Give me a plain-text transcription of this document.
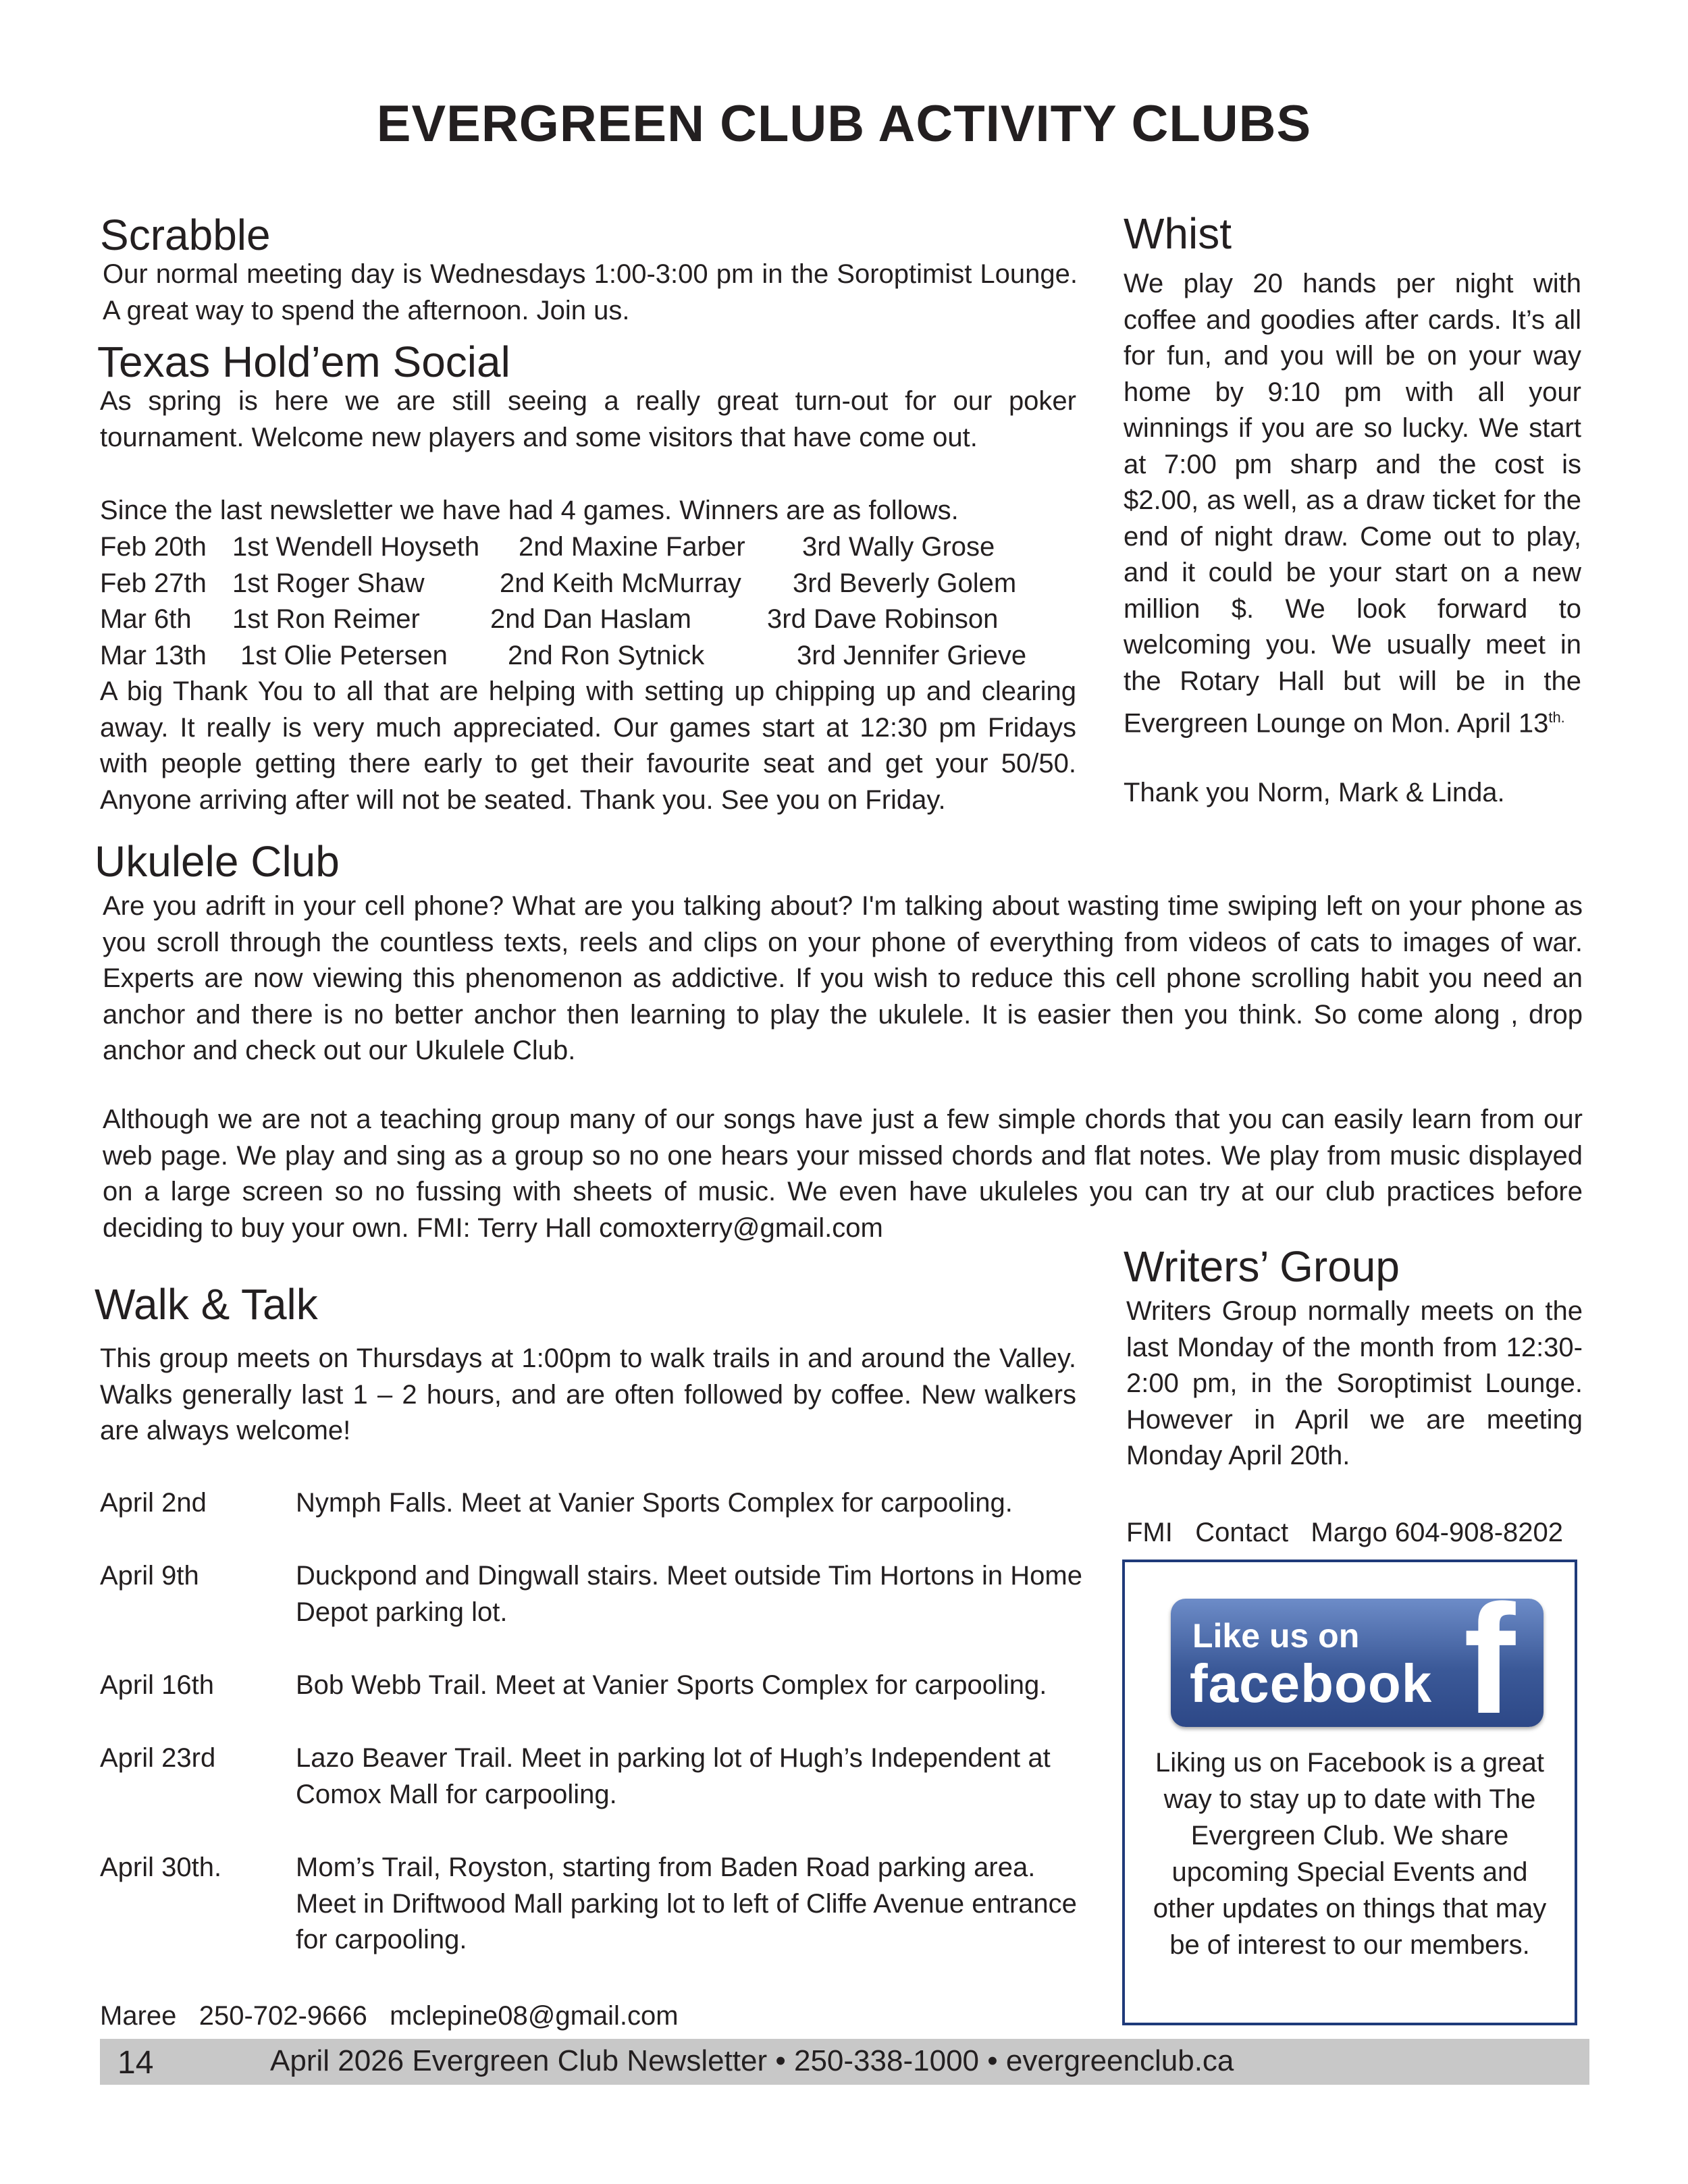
EVERGREEN CLUB ACTIVITY CLUBS
Scrabble
Our normal meeting day is Wednesdays 1:00-3:00 pm in the Soroptimist Lounge. A great way to spend the afternoon. Join us.
Texas Hold’em Social
As spring is here we are still seeing a really great turn-out for our poker tournament. Welcome new players and some visitors that have come out.
Since the last newsletter we have had 4 games. Winners are as follows.
Feb 20th 1st Wendell Hoyseth 2nd Maxine Farber 3rd Wally Grose
Feb 27th 1st Roger Shaw	2nd Keith McMurray 3rd Beverly Golem
Mar 6th 1st Ron Reimer	2nd Dan Haslam	3rd Dave Robinson
Mar 13th 1st Olie Petersen 2nd Ron Sytnick	3rd Jennifer Grieve
A big Thank You to all that are helping with setting up chipping up and clearing away. It really is very much appreciated. Our games start at 12:30 pm Fridays with people getting there early to get their favourite seat and get your 50/50. Anyone arriving after will not be seated. Thank you. See you on Friday.
Whist
We play 20 hands per night with coffee and goodies after cards. It’s all for fun, and you will be on your way home by 9:10 pm with all your winnings if you are so lucky. We start at 7:00 pm sharp and the cost is $2.00, as well, as a draw ticket for the end of night draw. Come out to play, and it could be your start on a new million $. We look forward to welcoming you. We usually meet in the Rotary Hall but will be in the Evergreen Lounge on Mon. April $13^{th.}$
Thank you Norm, Mark & Linda.
Ukulele Club
Are you adrift in your cell phone? What are you talking about? I'm talking about wasting time swiping left on your phone as you scroll through the countless texts, reels and clips on your phone of everything from videos of cats to images of war. Experts are now viewing this phenomenon as addictive. If you wish to reduce this cell phone scrolling habit you need an anchor and there is no better anchor then learning to play the ukulele. It is easier then you think. So come along , drop anchor and check out our Ukulele Club.
Although we are not a teaching group many of our songs have just a few simple chords that you can easily learn from our web page. We play and sing as a group so no one hears your missed chords and flat notes. We play from music displayed on a large screen so no fussing with sheets of music. We even have ukuleles you can try at our club practices before deciding to buy your own. FMI: Terry Hall comoxterry@gmail.com
Walk & Talk
This group meets on Thursdays at 1:00pm to walk trails in and around the Valley. Walks generally last 1 – 2 hours, and are often followed by coffee. New walkers are always welcome!
April 2nd	Nymph Falls. Meet at Vanier Sports Complex for carpooling.
April 9th	Duckpond and Dingwall stairs. Meet outside Tim Hortons in Home Depot parking lot.
April 16th	Bob Webb Trail. Meet at Vanier Sports Complex for carpooling.
April 23rd	Lazo Beaver Trail. Meet in parking lot of Hugh’s Independent at Comox Mall for carpooling.
April 30th.	Mom’s Trail, Royston, starting from Baden Road parking area. Meet in Driftwood Mall parking lot to left of Cliffe Avenue entrance for carpooling.
Maree   250-702-9666   mclepine08@gmail.com
Writers’ Group
Writers Group normally meets on the last Monday of the month from 12:30-2:00 pm, in the Soroptimist Lounge. However in April we are meeting Monday April 20th.
FMI   Contact   Margo 604-908-8202
Like us on
facebook f
Liking us on Facebook is a great way to stay up to date with The Evergreen Club. We share upcoming Special Events and other updates on things that may be of interest to our members.
14	April 2026 Evergreen Club Newsletter • 250-338-1000 • evergreenclub.ca
